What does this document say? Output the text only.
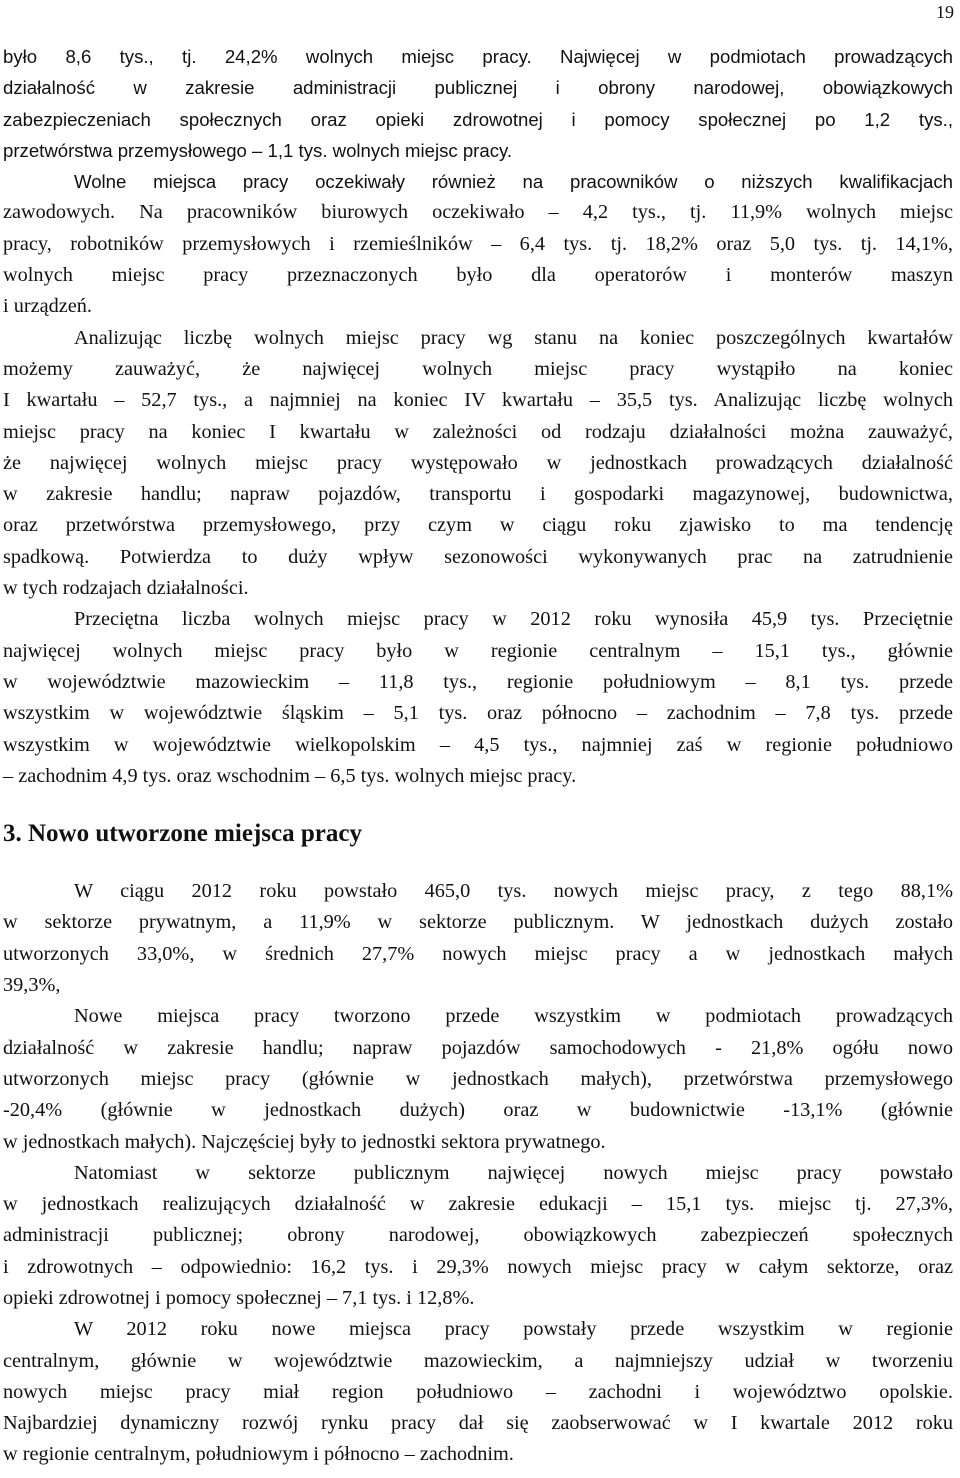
19
było 8,6 tys., tj. 24,2% wolnych miejsc pracy. Najwięcej w podmiotach prowadzących
działalność w zakresie administracji publicznej i obrony narodowej, obowiązkowych
zabezpieczeniach społecznych oraz opieki zdrowotnej i pomocy społecznej po 1,2 tys.,
przetwórstwa przemysłowego – 1,1 tys. wolnych miejsc pracy.
Wolne miejsca pracy oczekiwały również na pracowników o niższych kwalifikacjach
zawodowych. Na pracowników biurowych oczekiwało – 4,2 tys., tj. 11,9% wolnych miejsc
pracy, robotników przemysłowych i rzemieślników – 6,4 tys. tj. 18,2% oraz 5,0 tys. tj. 14,1%,
wolnych miejsc pracy przeznaczonych było dla operatorów i monterów maszyn
i urządzeń.
Analizując liczbę wolnych miejsc pracy wg stanu na koniec poszczególnych kwartałów
możemy zauważyć, że najwięcej wolnych miejsc pracy wystąpiło na koniec
I kwartału – 52,7 tys., a najmniej na koniec IV kwartału – 35,5 tys. Analizując liczbę wolnych
miejsc pracy na koniec I kwartału w zależności od rodzaju działalności można zauważyć,
że najwięcej wolnych miejsc pracy występowało w jednostkach prowadzących działalność
w zakresie handlu; napraw pojazdów, transportu i gospodarki magazynowej, budownictwa,
oraz przetwórstwa przemysłowego, przy czym w ciągu roku zjawisko to ma tendencję
spadkową. Potwierdza to duży wpływ sezonowości wykonywanych prac na zatrudnienie
w tych rodzajach działalności.
Przeciętna liczba wolnych miejsc pracy w 2012 roku wynosiła 45,9 tys. Przeciętnie
najwięcej wolnych miejsc pracy było w regionie centralnym – 15,1 tys., głównie
w województwie mazowieckim – 11,8 tys., regionie południowym – 8,1 tys. przede
wszystkim w województwie śląskim – 5,1 tys. oraz północno – zachodnim – 7,8 tys. przede
wszystkim w województwie wielkopolskim – 4,5 tys., najmniej zaś w regionie południowo
– zachodnim 4,9 tys. oraz wschodnim – 6,5 tys. wolnych miejsc pracy.
3. Nowo utworzone miejsca pracy
W ciągu 2012 roku powstało 465,0 tys. nowych miejsc pracy, z tego 88,1%
w sektorze prywatnym, a 11,9% w sektorze publicznym. W jednostkach dużych zostało
utworzonych 33,0%, w średnich 27,7% nowych miejsc pracy a w jednostkach małych
39,3%,
Nowe miejsca pracy tworzono przede wszystkim w podmiotach prowadzących
działalność w zakresie handlu; napraw pojazdów samochodowych - 21,8% ogółu nowo
utworzonych miejsc pracy (głównie w jednostkach małych), przetwórstwa przemysłowego
-20,4% (głównie w jednostkach dużych) oraz w budownictwie -13,1% (głównie
w jednostkach małych). Najczęściej były to jednostki sektora prywatnego.
Natomiast w sektorze publicznym najwięcej nowych miejsc pracy powstało
w jednostkach realizujących działalność w zakresie edukacji – 15,1 tys. miejsc tj. 27,3%,
administracji publicznej; obrony narodowej, obowiązkowych zabezpieczeń społecznych
i zdrowotnych – odpowiednio: 16,2 tys. i 29,3% nowych miejsc pracy w całym sektorze, oraz
opieki zdrowotnej i pomocy społecznej – 7,1 tys. i 12,8%.
W 2012 roku nowe miejsca pracy powstały przede wszystkim w regionie
centralnym, głównie w województwie mazowieckim, a najmniejszy udział w tworzeniu
nowych miejsc pracy miał region południowo – zachodni i województwo opolskie.
Najbardziej dynamiczny rozwój rynku pracy dał się zaobserwować w I kwartale 2012 roku
w regionie centralnym, południowym i północno – zachodnim.
